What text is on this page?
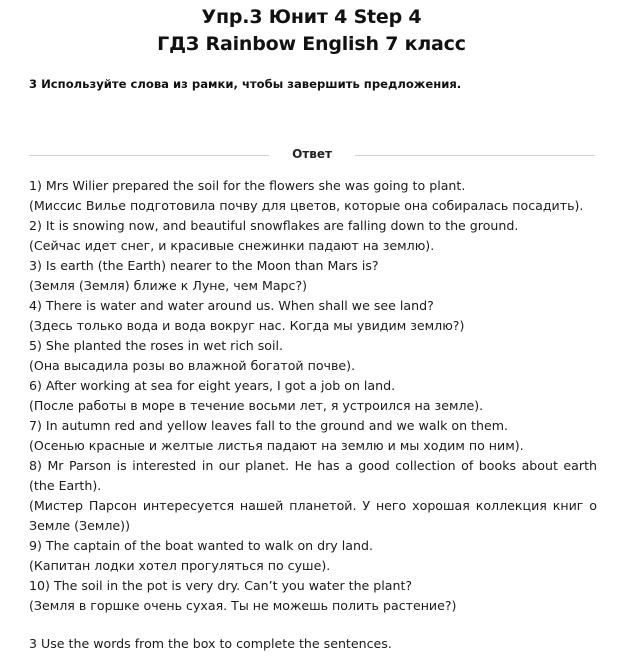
Упр.3 Юнит 4 Step 4
ГДЗ Rainbow English 7 класс
3 Используйте слова из рамки, чтобы завершить предложения.
Ответ
1) Mrs Wilier prepared the soil for the flowers she was going to plant.
(Миссис Вилье подготовила почву для цветов, которые она собиралась посадить).
2) It is snowing now, and beautiful snowflakes are falling down to the ground.
(Сейчас идет снег, и красивые снежинки падают на землю).
3) Is earth (the Earth) nearer to the Moon than Mars is?
(Земля (Земля) ближе к Луне, чем Марс?)
4) There is water and water around us. When shall we see land?
(Здесь только вода и вода вокруг нас. Когда мы увидим землю?)
5) She planted the roses in wet rich soil.
(Она высадила розы во влажной богатой почве).
6) After working at sea for eight years, I got a job on land.
(После работы в море в течение восьми лет, я устроился на земле).
7) In autumn red and yellow leaves fall to the ground and we walk on them.
(Осенью красные и желтые листья падают на землю и мы ходим по ним).
8) Mr Parson is interested in our planet. He has a good collection of books about earth (the Earth).
(Мистер Парсон интересуется нашей планетой. У него хорошая коллекция книг о Земле (Земле))
9) The captain of the boat wanted to walk on dry land.
(Капитан лодки хотел прогуляться по суше).
10) The soil in the pot is very dry. Can’t you water the plant?
(Земля в горшке очень сухая. Ты не можешь полить растение?)
3 Use the words from the box to complete the sentences.
